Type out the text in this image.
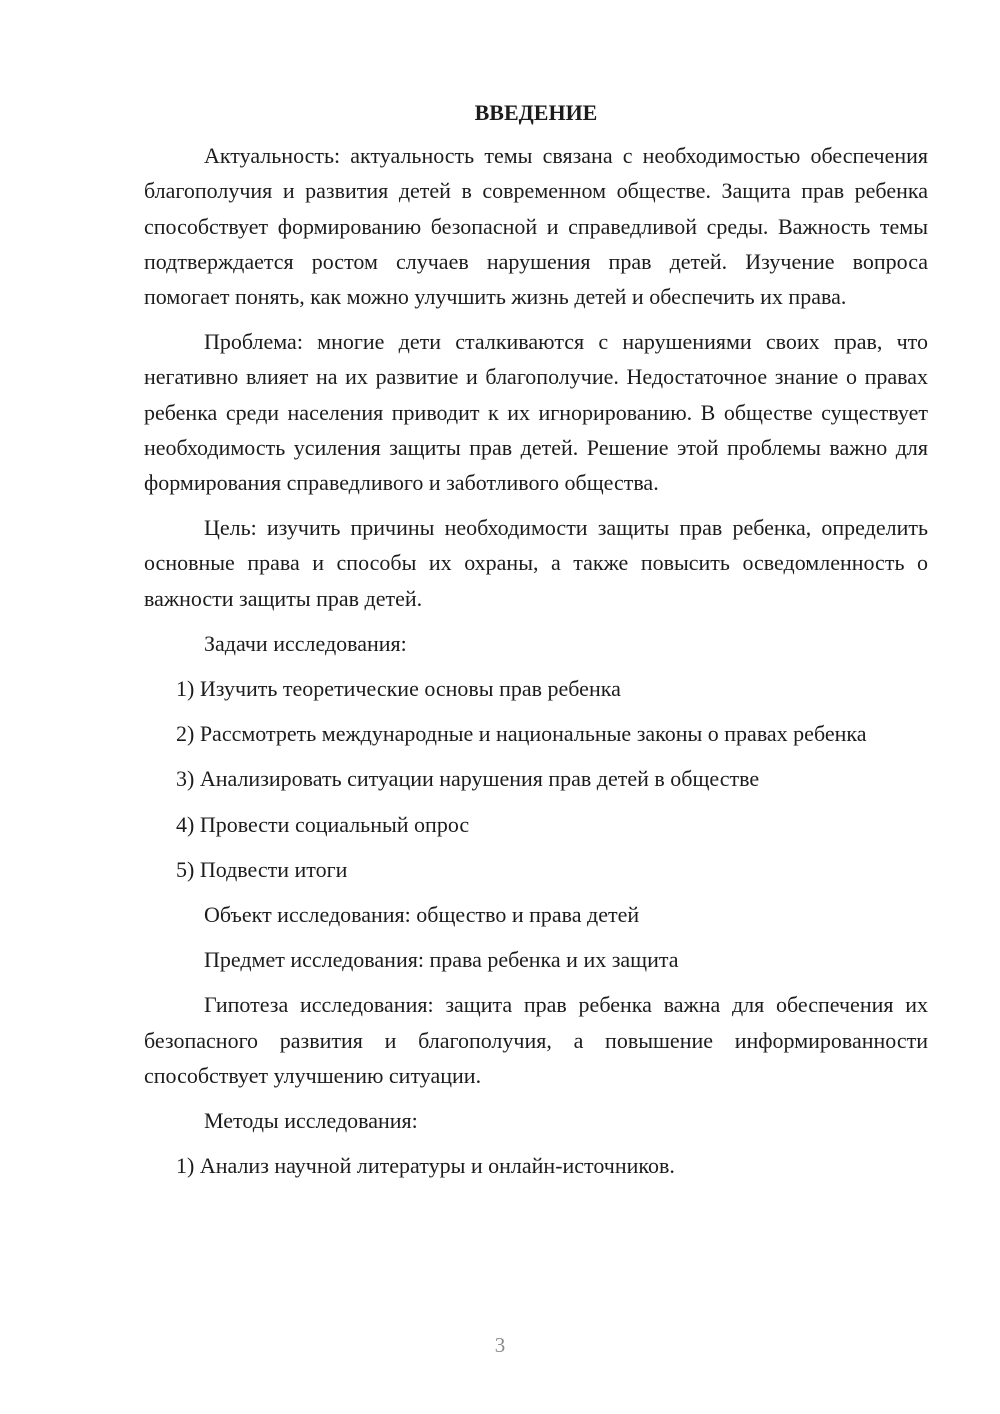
ВВЕДЕНИЕ

Актуальность: актуальность темы связана с необходимостью обеспечения благополучия и развития детей в современном обществе. Защита прав ребенка способствует формированию безопасной и справедливой среды. Важность темы подтверждается ростом случаев нарушения прав детей. Изучение вопроса помогает понять, как можно улучшить жизнь детей и обеспечить их права.

Проблема: многие дети сталкиваются с нарушениями своих прав, что негативно влияет на их развитие и благополучие. Недостаточное знание о правах ребенка среди населения приводит к их игнорированию. В обществе существует необходимость усиления защиты прав детей. Решение этой проблемы важно для формирования справедливого и заботливого общества.

Цель: изучить причины необходимости защиты прав ребенка, определить основные права и способы их охраны, а также повысить осведомленность о важности защиты прав детей.

Задачи исследования:

1) Изучить теоретические основы прав ребенка

2) Рассмотреть международные и национальные законы о правах ребенка

3) Анализировать ситуации нарушения прав детей в обществе

4) Провести социальный опрос

5) Подвести итоги

Объект исследования: общество и права детей

Предмет исследования: права ребенка и их защита

Гипотеза исследования: защита прав ребенка важна для обеспечения их безопасного развития и благополучия, а повышение информированности способствует улучшению ситуации.

Методы исследования:

1) Анализ научной литературы и онлайн-источников.

3
